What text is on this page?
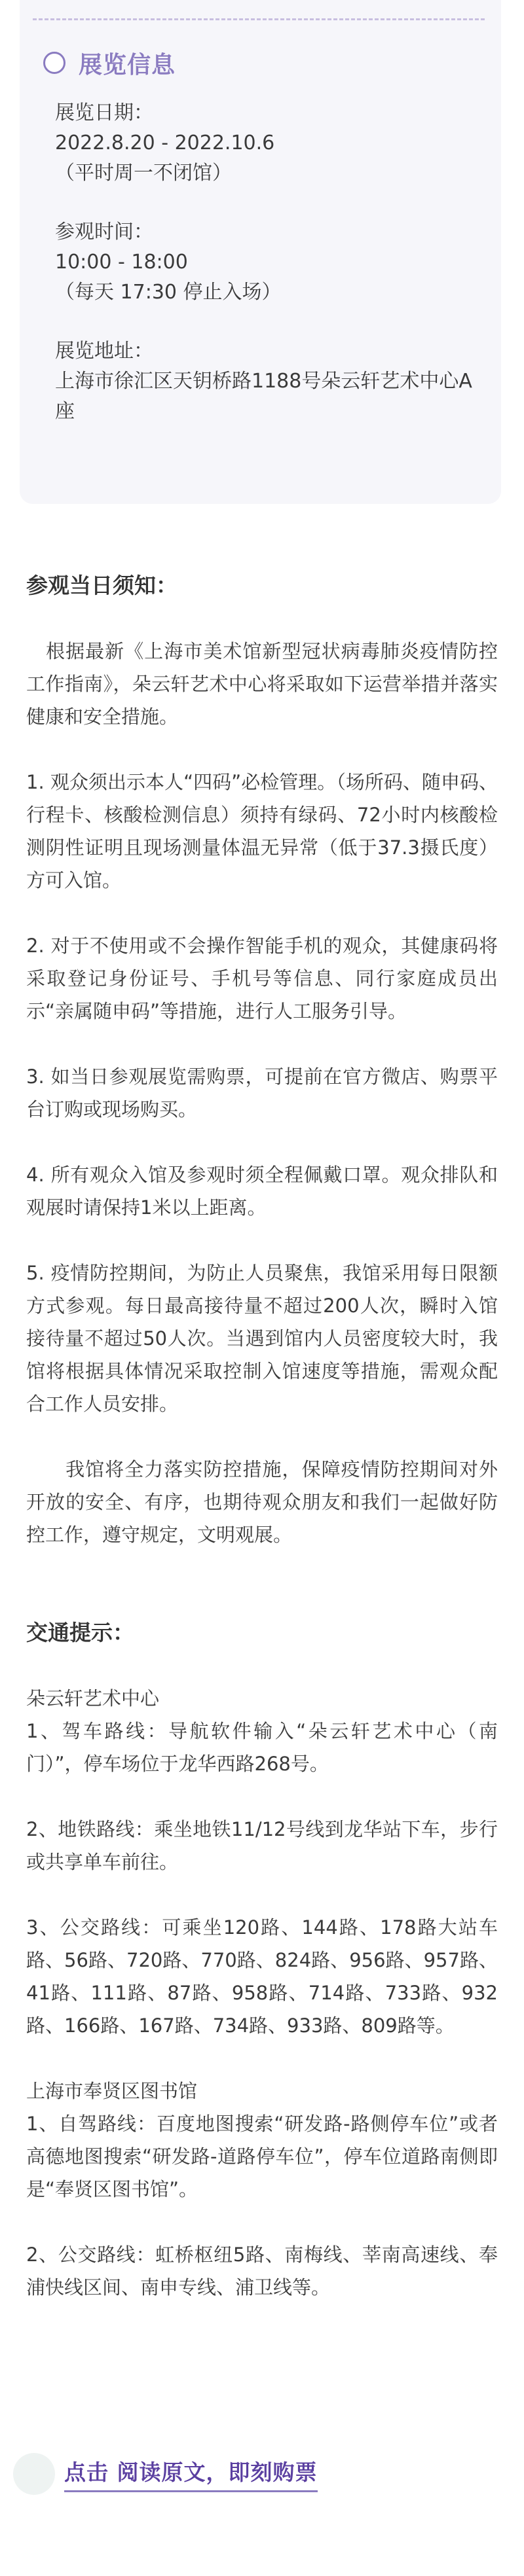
展览信息
展览日期：
2022.8.20 - 2022.10.6
（平时周一不闭馆）
参观时间：
10:00 - 18:00
（每天 17:30 停止入场）
展览地址：
上海市徐汇区天钥桥路1188号朵云轩艺术中心A座
参观当日须知：

　根据最新《上海市美术馆新型冠状病毒肺炎疫情防控工作指南》，朵云轩艺术中心将采取如下运营举措并落实健康和安全措施。

1. 观众须出示本人“四码”必检管理。（场所码、随申码、行程卡、核酸检测信息）须持有绿码、72小时内核酸检测阴性证明且现场测量体温无异常（低于37.3摄氏度）方可入馆。

2. 对于不使用或不会操作智能手机的观众，其健康码将采取登记身份证号、手机号等信息、同行家庭成员出示“亲属随申码”等措施，进行人工服务引导。

3. 如当日参观展览需购票，可提前在官方微店、购票平台订购或现场购买。

4. 所有观众入馆及参观时须全程佩戴口罩。观众排队和观展时请保持1米以上距离。

5. 疫情防控期间，为防止人员聚焦，我馆采用每日限额方式参观。每日最高接待量不超过200人次，瞬时入馆接待量不超过50人次。当遇到馆内人员密度较大时，我馆将根据具体情况采取控制入馆速度等措施，需观众配合工作人员安排。

　　我馆将全力落实防控措施，保障疫情防控期间对外开放的安全、有序，也期待观众朋友和我们一起做好防控工作，遵守规定，文明观展。

交通提示：

朵云轩艺术中心

1、驾车路线：导航软件输入“朵云轩艺术中心（南门）”，停车场位于龙华西路268号。

2、地铁路线：乘坐地铁11/12号线到龙华站下车，步行或共享单车前往。

3、公交路线：可乘坐120路、144路、178路大站车路、56路、720路、770路、824路、956路、957路、41路、111路、87路、958路、714路、733路、932路、166路、167路、734路、933路、809路等。

上海市奉贤区图书馆

1、自驾路线：百度地图搜索“研发路-路侧停车位”或者高德地图搜索“研发路-道路停车位”，停车位道路南侧即是“奉贤区图书馆”。

2、公交路线：虹桥枢纽5路、南梅线、莘南高速线、奉浦快线区间、南申专线、浦卫线等。

点击 阅读原文，即刻购票
